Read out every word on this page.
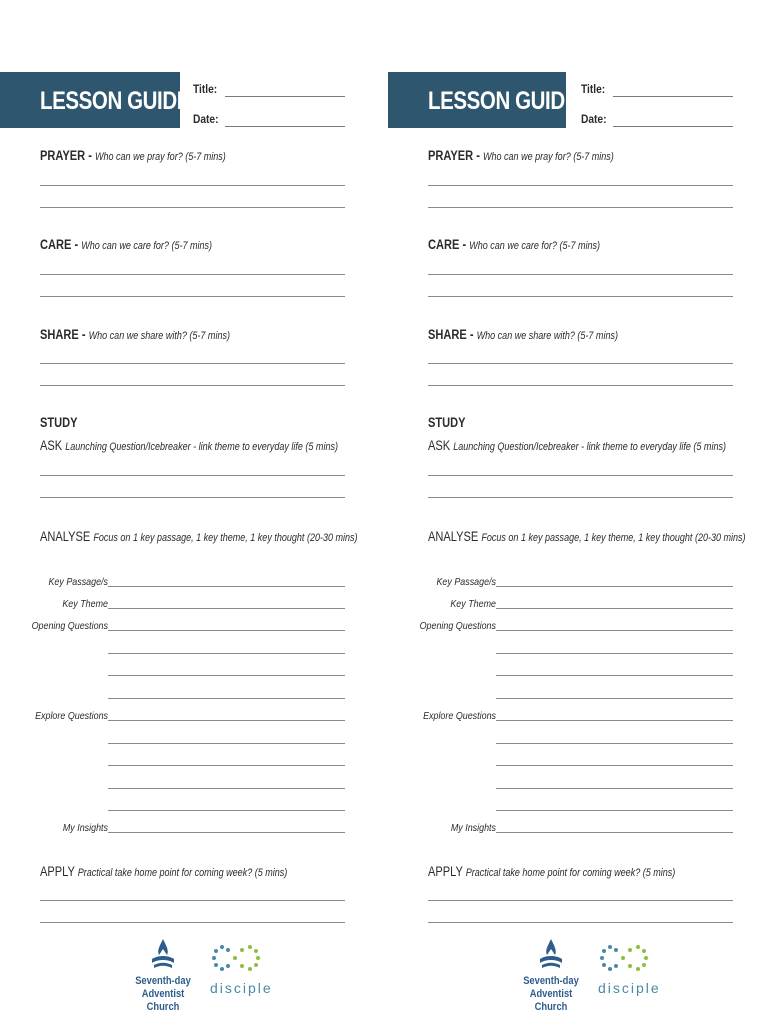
LESSON GUIDE Title:
Date:
PRAYER - Who can we pray for? (5-7 mins)
CARE - Who can we care for? (5-7 mins)
SHARE - Who can we share with? (5-7 mins)
STUDY
ASK Launching Question/Icebreaker - link theme to everyday life (5 mins)
ANALYSE Focus on 1 key passage, 1 key theme, 1 key thought (20-30 mins)
Key Passage/s
Key Theme
Opening Questions
Explore Questions
My Insights
APPLY Practical take home point for coming week? (5 mins)
Seventh-day
Adventist Church
disciple
LESSON GUIDE Title:
Date:
PRAYER - Who can we pray for? (5-7 mins)
CARE - Who can we care for? (5-7 mins)
SHARE - Who can we share with? (5-7 mins)
STUDY
ASK Launching Question/Icebreaker - link theme to everyday life (5 mins)
ANALYSE Focus on 1 key passage, 1 key theme, 1 key thought (20-30 mins)
Key Passage/s
Key Theme
Opening Questions
Explore Questions
My Insights
APPLY Practical take home point for coming week? (5 mins)
Seventh-day
Adventist Church
disciple
